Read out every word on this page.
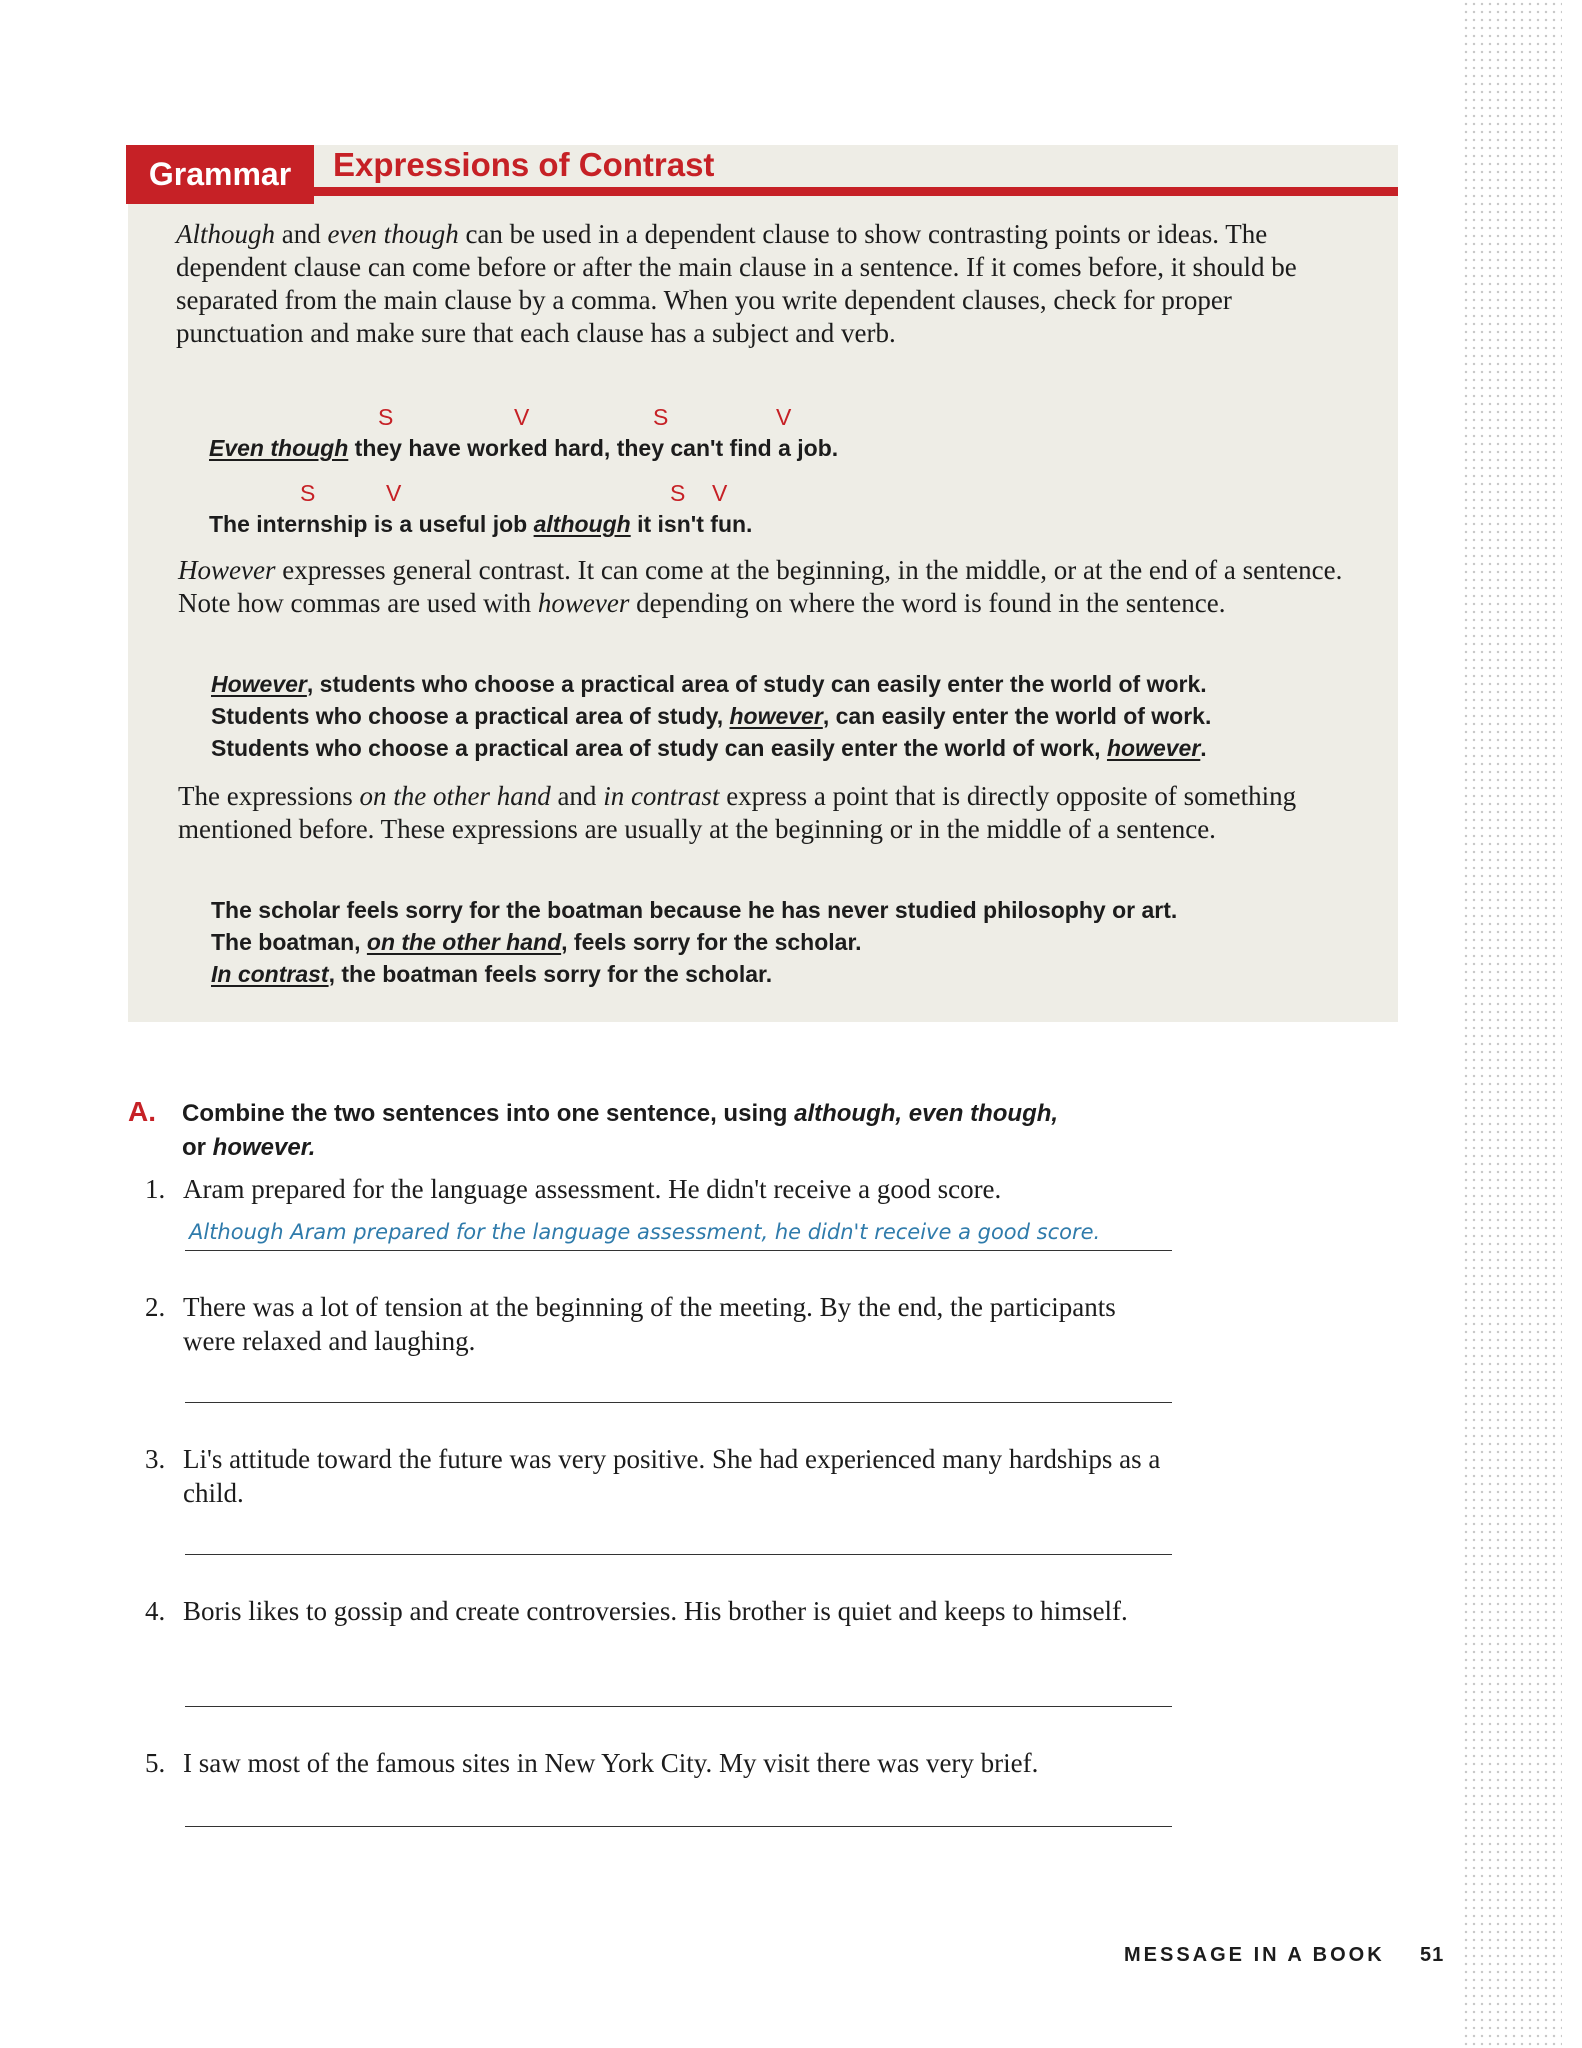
Grammar	Expressions of Contrast
Although and even though can be used in a dependent clause to show contrasting points or ideas. The dependent clause can come before or after the main clause in a sentence. If it comes before, it should be separated from the main clause by a comma. When you write dependent clauses, check for proper punctuation and make sure that each clause has a subject and verb.
S	V	S	V
Even though they have worked hard, they can't find a job.
S	V	S V
The internship is a useful job although it isn't fun.
However expresses general contrast. It can come at the beginning, in the middle, or at the end of a sentence. Note how commas are used with however depending on where the word is found in the sentence.
However, students who choose a practical area of study can easily enter the world of work.
Students who choose a practical area of study, however, can easily enter the world of work.
Students who choose a practical area of study can easily enter the world of work, however.
The expressions on the other hand and in contrast express a point that is directly opposite of something mentioned before. These expressions are usually at the beginning or in the middle of a sentence.
The scholar feels sorry for the boatman because he has never studied philosophy or art.
The boatman, on the other hand, feels sorry for the scholar.
In contrast, the boatman feels sorry for the scholar.
A. Combine the two sentences into one sentence, using although, even though,
or however.
1. Aram prepared for the language assessment. He didn't receive a good score.
Although Aram prepared for the language assessment, he didn't receive a good score.
2. There was a lot of tension at the beginning of the meeting. By the end, the participants were relaxed and laughing.
3. Li's attitude toward the future was very positive. She had experienced many hardships as a child.
4. Boris likes to gossip and create controversies. His brother is quiet and keeps to himself.
5. I saw most of the famous sites in New York City. My visit there was very brief.
MESSAGE IN A BOOK 51
